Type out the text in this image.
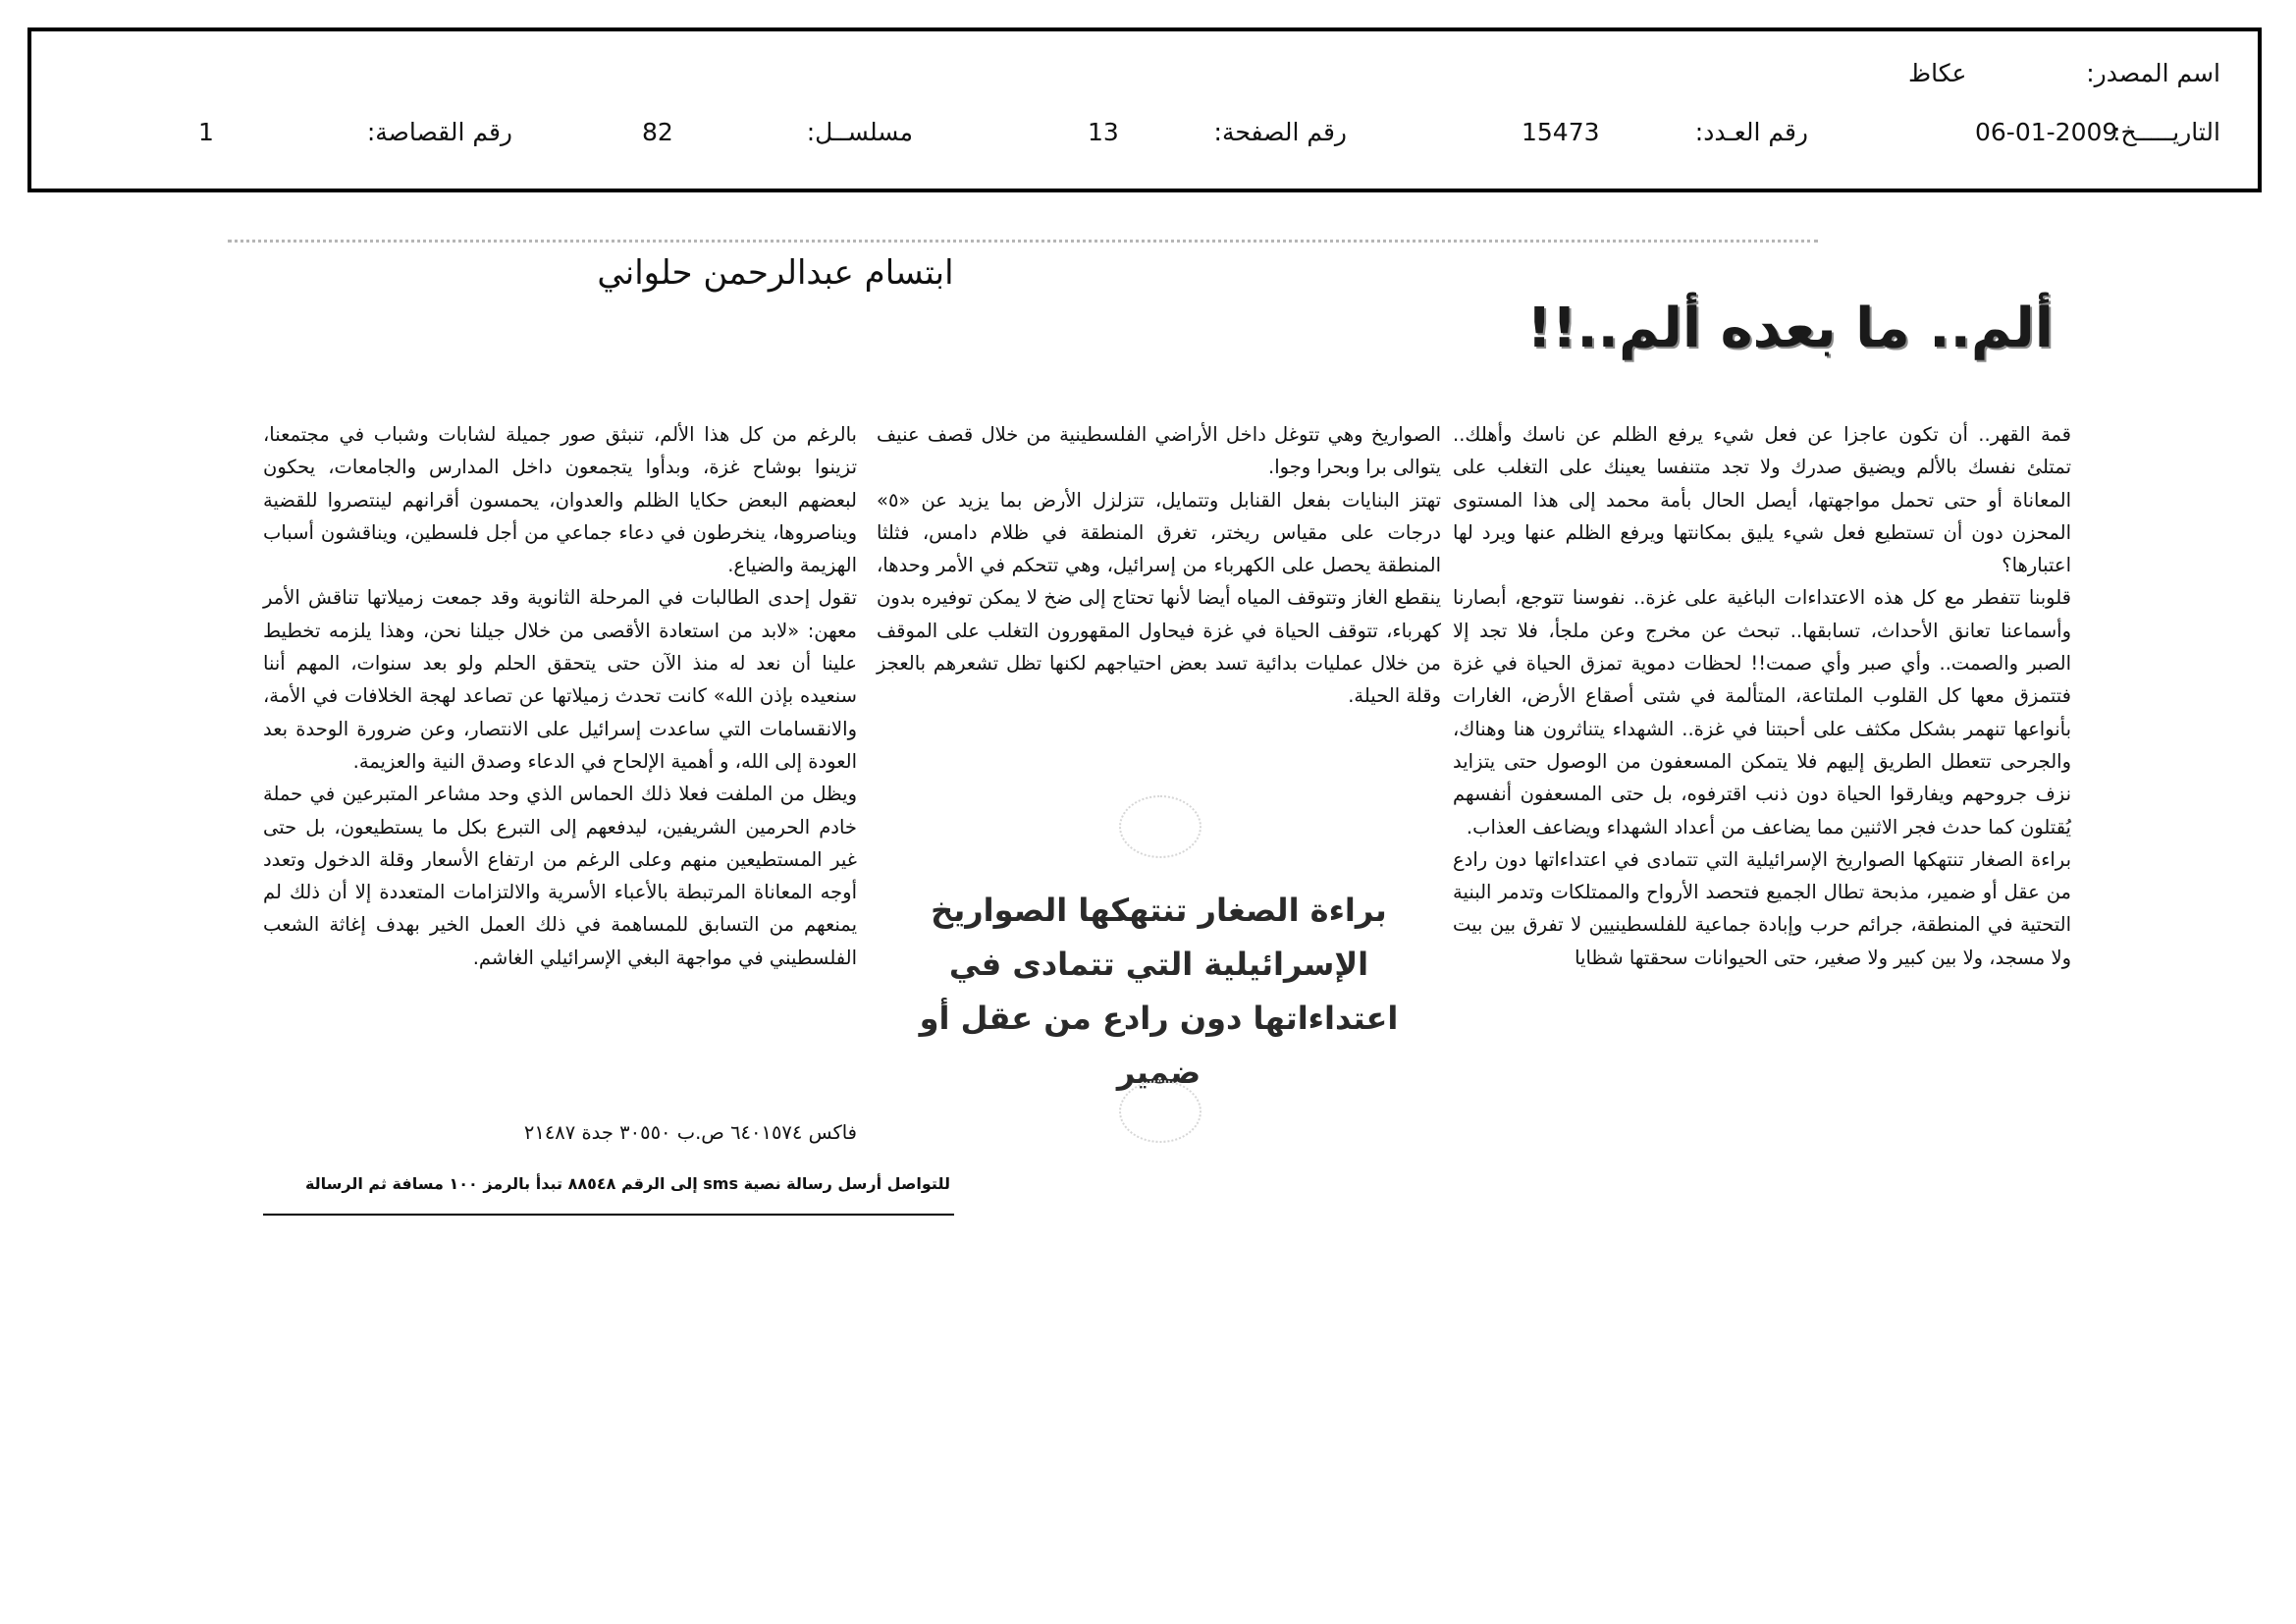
اسم المصدر:
عكاظ
التاريـــــخ:
06-01-2009
رقم العـدد:
15473
رقم الصفحة:
13
مسلســل:
82
رقم القصاصة:
1
ابتسام عبدالرحمن حلواني
ألم.. ما بعده ألم..!!

قمة القهر.. أن تكون عاجزا عن فعل شيء يرفع الظلم عن ناسك وأهلك.. تمتلئ نفسك بالألم ويضيق صدرك ولا تجد متنفسا يعينك على التغلب على المعاناة أو حتى تحمل مواجهتها، أيصل الحال بأمة محمد إلى هذا المستوى المحزن دون أن تستطيع فعل شيء يليق بمكانتها ويرفع الظلم عنها ويرد لها اعتبارها؟

قلوبنا تتفطر مع كل هذه الاعتداءات الباغية على غزة.. نفوسنا تتوجع، أبصارنا وأسماعنا تعانق الأحداث، تسابقها.. تبحث عن مخرج وعن ملجأ، فلا تجد إلا الصبر والصمت.. وأي صبر وأي صمت!! لحظات دموية تمزق الحياة في غزة فتتمزق معها كل القلوب الملتاعة، المتألمة في شتى أصقاع الأرض، الغارات بأنواعها تنهمر بشكل مكثف على أحبتنا في غزة.. الشهداء يتناثرون هنا وهناك، والجرحى تتعطل الطريق إليهم فلا يتمكن المسعفون من الوصول حتى يتزايد نزف جروحهم ويفارقوا الحياة دون ذنب اقترفوه، بل حتى المسعفون أنفسهم يُقتلون كما حدث فجر الاثنين مما يضاعف من أعداد الشهداء ويضاعف العذاب.

براءة الصغار تنتهكها الصواريخ الإسرائيلية التي تتمادى في اعتداءاتها دون رادع من عقل أو ضمير، مذبحة تطال الجميع فتحصد الأرواح والممتلكات وتدمر البنية التحتية في المنطقة، جرائم حرب وإبادة جماعية للفلسطينيين لا تفرق بين بيت ولا مسجد، ولا بين كبير ولا صغير، حتى الحيوانات سحقتها شظايا

الصواريخ وهي تتوغل داخل الأراضي الفلسطينية من خلال قصف عنيف يتوالى برا وبحرا وجوا.

تهتز البنايات بفعل القنابل وتتمايل، تتزلزل الأرض بما يزيد عن «٥» درجات على مقياس ريختر، تغرق المنطقة في ظلام دامس، فثلثا المنطقة يحصل على الكهرباء من إسرائيل، وهي تتحكم في الأمر وحدها، ينقطع الغاز وتتوقف المياه أيضا لأنها تحتاج إلى ضخ لا يمكن توفيره بدون كهرباء، تتوقف الحياة في غزة فيحاول المقهورون التغلب على الموقف من خلال عمليات بدائية تسد بعض احتياجهم لكنها تظل تشعرهم بالعجز وقلة الحيلة.

براءة الصغار تنتهكها الصواريخ الإسرائيلية التي تتمادى في اعتداءاتها دون رادع من عقل أو ضمير

بالرغم من كل هذا الألم، تنبثق صور جميلة لشابات وشباب في مجتمعنا، تزينوا بوشاح غزة، وبدأوا يتجمعون داخل المدارس والجامعات، يحكون لبعضهم البعض حكايا الظلم والعدوان، يحمسون أقرانهم لينتصروا للقضية ويناصروها، ينخرطون في دعاء جماعي من أجل فلسطين، ويناقشون أسباب الهزيمة والضياع.

تقول إحدى الطالبات في المرحلة الثانوية وقد جمعت زميلاتها تناقش الأمر معهن: «لابد من استعادة الأقصى من خلال جيلنا نحن، وهذا يلزمه تخطيط علينا أن نعد له منذ الآن حتى يتحقق الحلم ولو بعد سنوات، المهم أننا سنعيده بإذن الله» كانت تحدث زميلاتها عن تصاعد لهجة الخلافات في الأمة، والانقسامات التي ساعدت إسرائيل على الانتصار، وعن ضرورة الوحدة بعد العودة إلى الله، و أهمية الإلحاح في الدعاء وصدق النية والعزيمة.

ويظل من الملفت فعلا ذلك الحماس الذي وحد مشاعر المتبرعين في حملة خادم الحرمين الشريفين، ليدفعهم إلى التبرع بكل ما يستطيعون، بل حتى غير المستطيعين منهم وعلى الرغم من ارتفاع الأسعار وقلة الدخول وتعدد أوجه المعاناة المرتبطة بالأعباء الأسرية والالتزامات المتعددة إلا أن ذلك لم يمنعهم من التسابق للمساهمة في ذلك العمل الخير بهدف إغاثة الشعب الفلسطيني في مواجهة البغي الإسرائيلي الغاشم.

فاكس ٦٤٠١٥٧٤ ص.ب ٣٠٥٥٠ جدة ٢١٤٨٧
للتواصل أرسل رسالة نصية sms إلى الرقم ٨٨٥٤٨ تبدأ بالرمز ١٠٠ مسافة ثم الرسالة
